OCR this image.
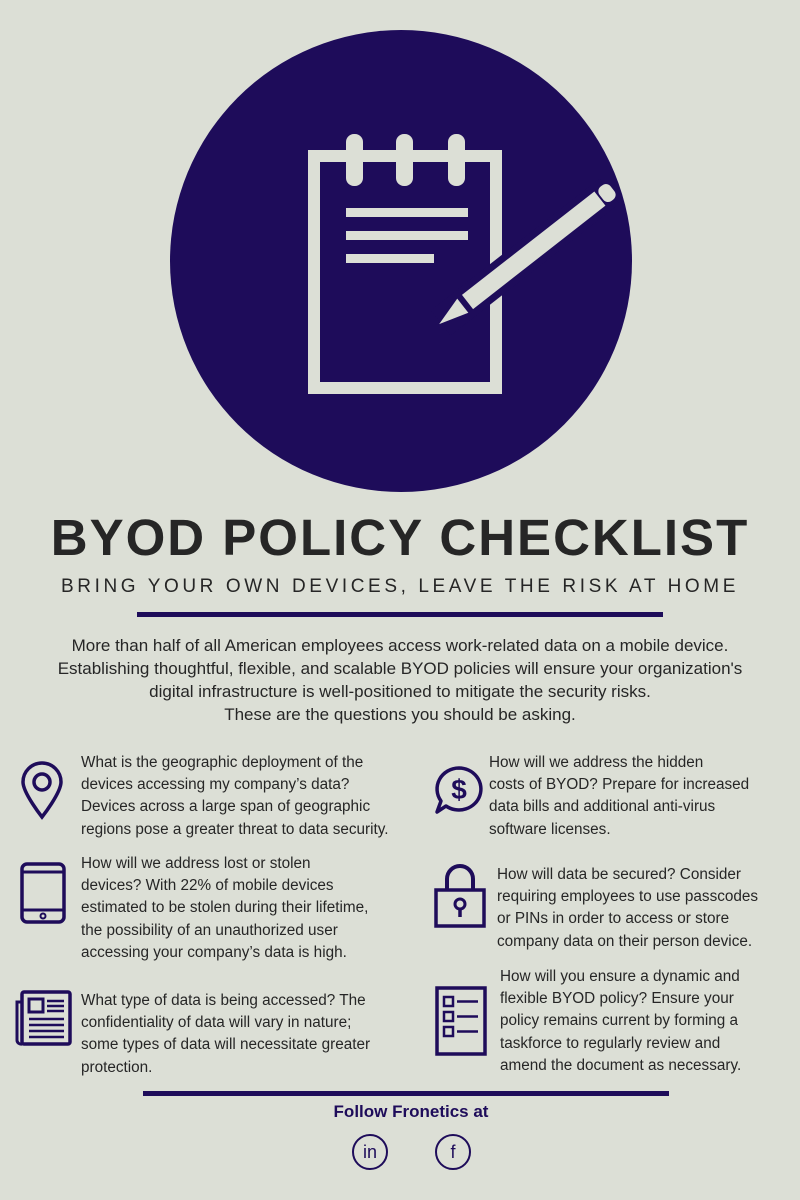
BYOD POLICY CHECKLIST
BRING YOUR OWN DEVICES, LEAVE THE RISK AT HOME
More than half of all American employees access work-related data on a mobile device.
Establishing thoughtful, flexible, and scalable BYOD policies will ensure your organization's
digital infrastructure is well-positioned to mitigate the security risks.
These are the questions you should be asking.
What is the geographic deployment of the
devices accessing my company’s data?
Devices across a large span of geographic
regions pose a greater threat to data security.
$
How will we address the hidden
costs of BYOD? Prepare for increased
data bills and additional anti-virus
software licenses.
How will we address lost or stolen
devices? With 22% of mobile devices
estimated to be stolen during their lifetime,
the possibility of an unauthorized user
accessing your company’s data is high.
How will data be secured? Consider
requiring employees to use passcodes
or PINs in order to access or store
company data on their person device.
What type of data is being accessed? The
confidentiality of data will vary in nature;
some types of data will necessitate greater
protection.
How will you ensure a dynamic and
flexible BYOD policy? Ensure your
policy remains current by forming a
taskforce to regularly review and
amend the document as necessary.
Follow Fronetics at
in	f
